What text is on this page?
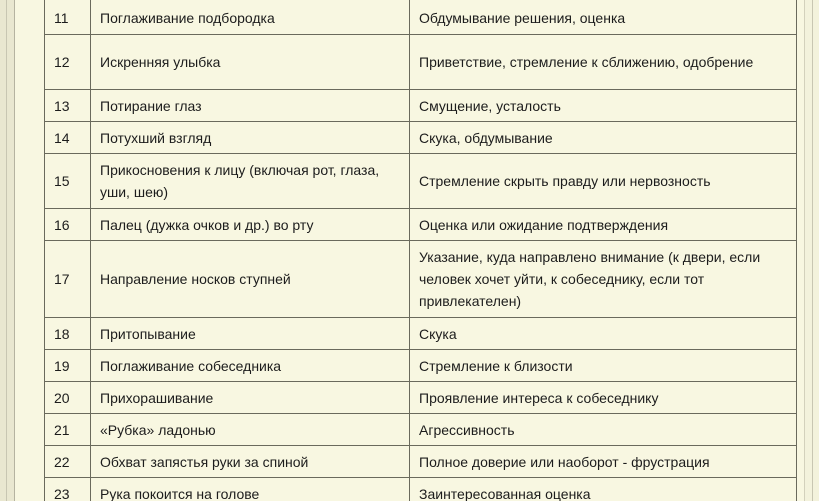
11	Поглаживание подбородка	Обдумывание решения, оценка
12	Искренняя улыбка	Приветствие, стремление к сближению, одобрение
13	Потирание глаз	Смущение, усталость
14	Потухший взгляд	Скука, обдумывание
15	Прикосновения к лицу (включая рот, глаза, уши, шею)	Стремление скрыть правду или нервозность
16	Палец (дужка очков и др.) во рту	Оценка или ожидание подтверждения
17	Направление носков ступней	Указание, куда направлено внимание (к двери, если человек хочет уйти, к собеседнику, если тот привлекателен)
18	Притопывание	Скука
19	Поглаживание собеседника	Стремление к близости
20	Прихорашивание	Проявление интереса к собеседнику
21	«Рубка» ладонью	Агрессивность
22	Обхват запястья руки за спиной	Полное доверие или наоборот - фрустрация
23	Рука покоится на голове	Заинтересованная оценка
